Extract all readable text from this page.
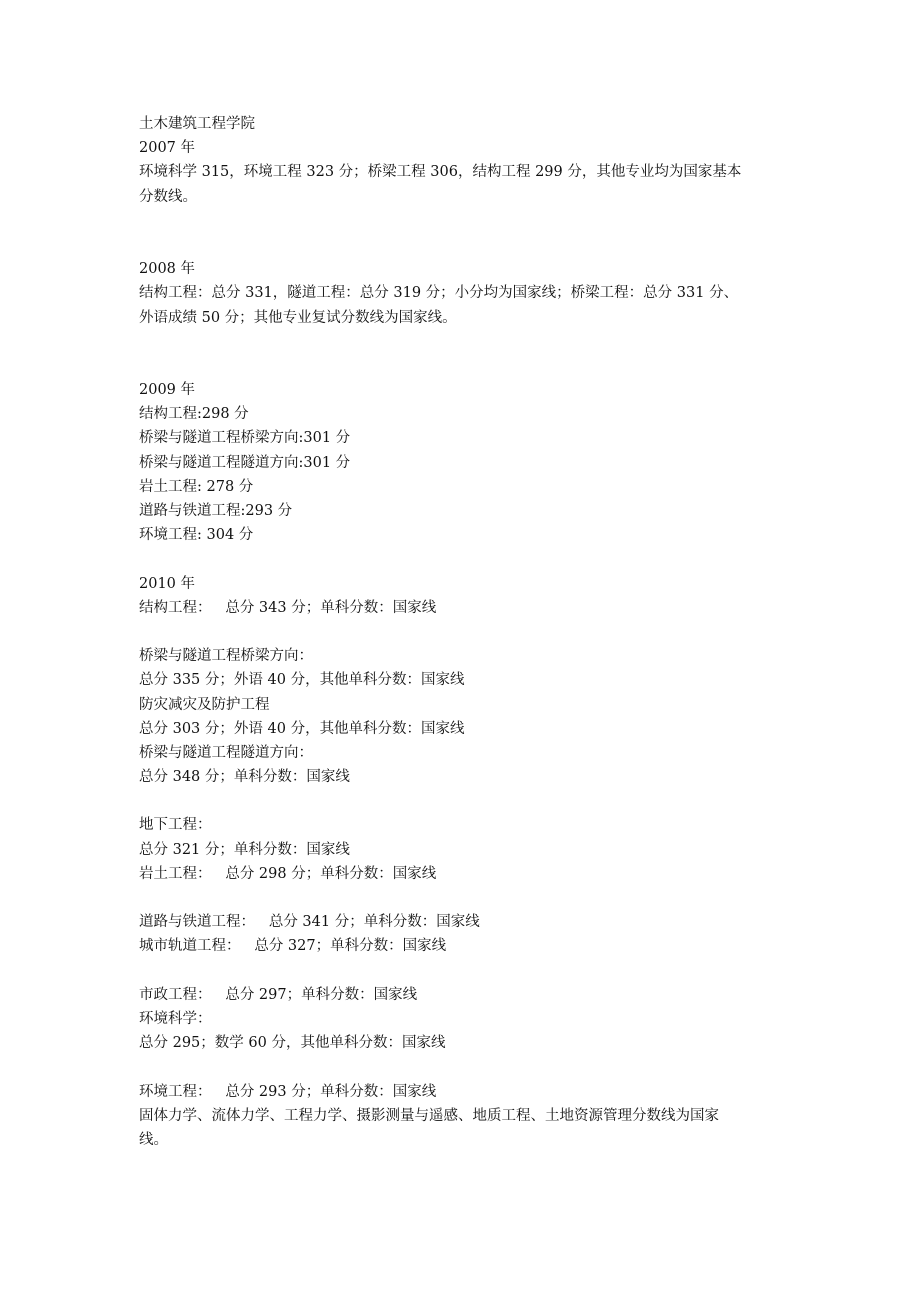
土木建筑工程学院
2007 年
环境科学 315，环境工程 323 分；桥梁工程 306，结构工程 299 分，其他专业均为国家基本
分数线。
2008 年
结构工程：总分 331，隧道工程：总分 319 分；小分均为国家线；桥梁工程：总分 331 分、
外语成绩 50 分；其他专业复试分数线为国家线。
2009 年
结构工程:298 分
桥梁与隧道工程桥梁方向:301 分
桥梁与隧道工程隧道方向:301 分
岩土工程: 278 分
道路与铁道工程:293 分
环境工程: 304 分
2010 年
结构工程：   总分 343 分；单科分数：国家线
桥梁与隧道工程桥梁方向：
总分 335 分；外语 40 分，其他单科分数：国家线
防灾减灾及防护工程
总分 303 分；外语 40 分，其他单科分数：国家线
桥梁与隧道工程隧道方向：
总分 348 分；单科分数：国家线
地下工程：
总分 321 分；单科分数：国家线
岩土工程：   总分 298 分；单科分数：国家线
道路与铁道工程：   总分 341 分；单科分数：国家线
城市轨道工程：   总分 327；单科分数：国家线
市政工程：   总分 297；单科分数：国家线
环境科学：
总分 295；数学 60 分，其他单科分数：国家线
环境工程：   总分 293 分；单科分数：国家线
固体力学、流体力学、工程力学、摄影测量与遥感、地质工程、土地资源管理分数线为国家
线。
